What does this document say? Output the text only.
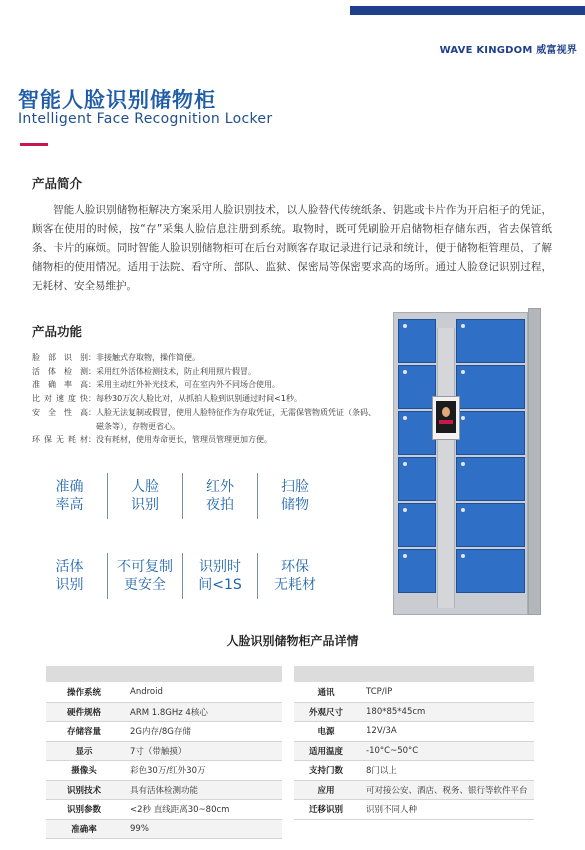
WAVE KINGDOM 威富视界
智能人脸识别储物柜
Intelligent Face Recognition Locker
产品简介

智能人脸识别储物柜解决方案采用人脸识别技术，以人脸替代传统纸条、钥匙或卡片作为开启柜子的凭证，顾客在使用的时候，按“存”采集人脸信息注册到系统。取物时，既可凭刷脸开启储物柜存储东西，省去保管纸条、卡片的麻烦。同时智能人脸识别储物柜可在后台对顾客存取记录进行记录和统计，便于储物柜管理员，了解储物柜的使用情况。适用于法院、看守所、部队、监狱、保密局等保密要求高的场所。通过人脸登记识别过程，无耗材、安全易维护。

产品功能
脸部识别 ： 非接触式存取物，操作简便。
活体检测 ： 采用红外活体检测技术，防止利用照片假冒。
准确率高 ： 采用主动红外补光技术，可在室内外不同场合使用。
比对速度快 ： 每秒30万次人脸比对，从抓拍人脸到识别通过时间<1秒。
安全性高 ： 人脸无法复制或假冒，使用人脸特征作为存取凭证，无需保管物质凭证（条码、磁条等），存物更省心。
环保无耗材 ： 没有耗材，使用寿命更长，管理员管理更加方便。
准确
率高
人脸
识别
红外
夜拍
扫脸
储物
活体
识别
不可复制
更安全
识别时
间<1S
环保
无耗材
人脸识别储物柜产品详情
操作系统	Android
硬件规格	ARM 1.8GHz 4核心
存储容量	2G内存/8G存储
显示	7寸（带触摸）
摄像头	彩色30万/红外30万
识别技术	具有活体检测功能
识别参数	<2秒 直线距离30~80cm
准确率	99%
通讯	TCP/IP
外观尺寸	180*85*45cm
电源	12V/3A
适用温度	-10°C~50°C
支持门数	8门以上
应用	可对接公安、酒店、税务、银行等软件平台
迁移识别	识别不同人种
